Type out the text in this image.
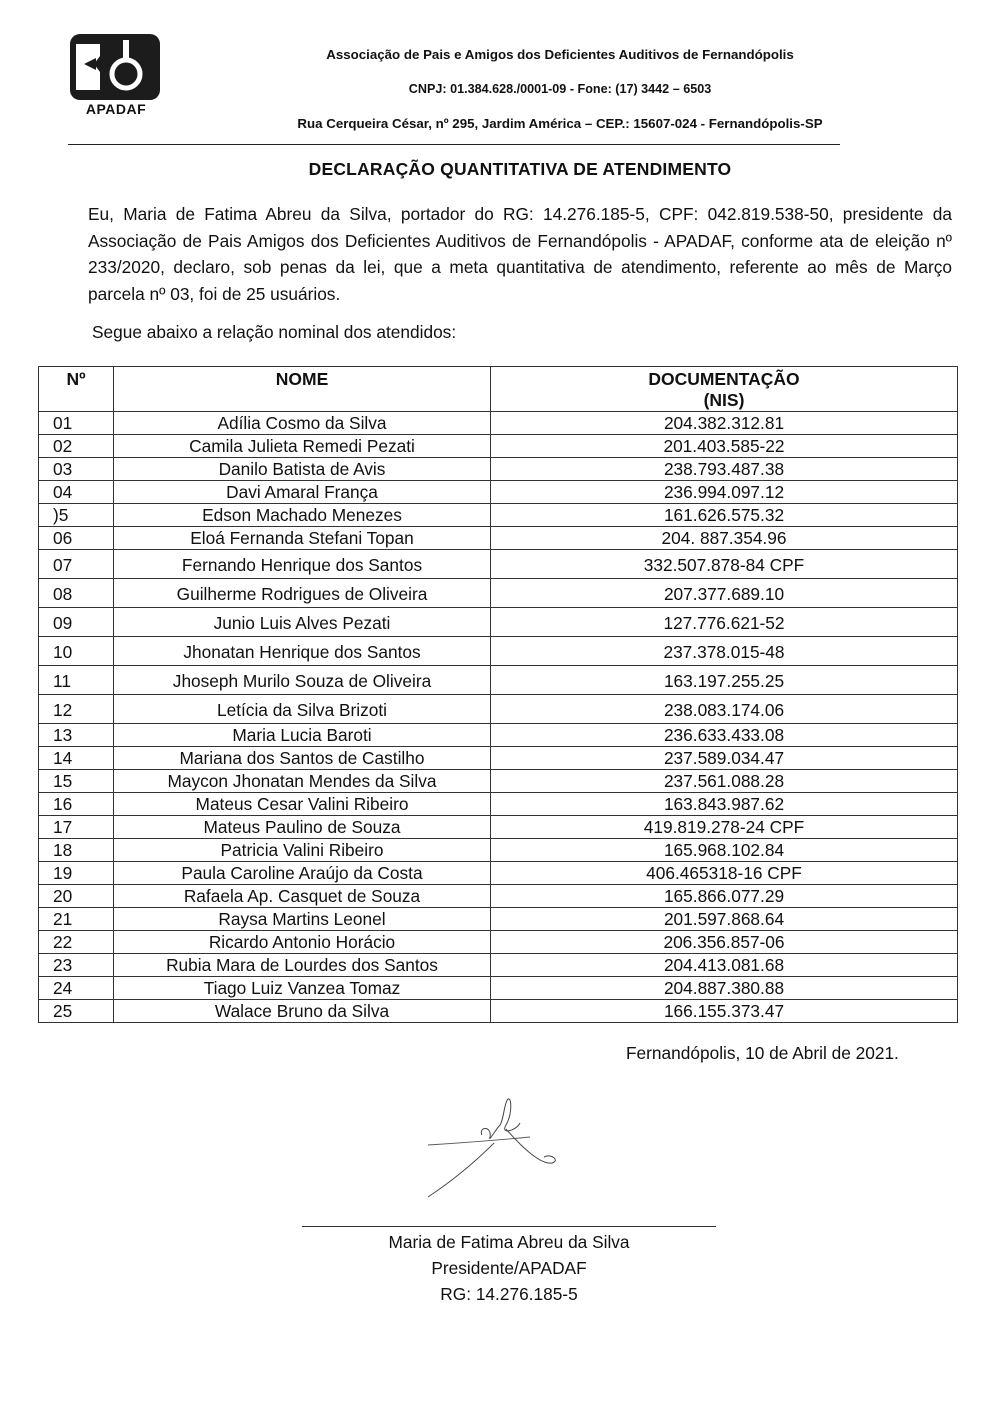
APADAF
Associação de Pais e Amigos dos Deficientes Auditivos de Fernandópolis
CNPJ: 01.384.628./0001-09 - Fone: (17) 3442 – 6503
Rua Cerqueira César, nº 295, Jardim América – CEP.: 15607-024 - Fernandópolis-SP
DECLARAÇÃO QUANTITATIVA DE ATENDIMENTO
Eu, Maria de Fatima Abreu da Silva, portador do RG: 14.276.185-5, CPF: 042.819.538-50, presidente da Associação de Pais Amigos dos Deficientes Auditivos de Fernandópolis - APADAF, conforme ata de eleição nº 233/2020, declaro, sob penas da lei, que a meta quantitativa de atendimento, referente ao mês de Março parcela nº 03, foi de 25 usuários.
Segue abaixo a relação nominal dos atendidos:
Nº	NOME	DOCUMENTAÇÃO
(NIS)

01	Adília Cosmo da Silva	204.382.312.81
02	Camila Julieta Remedi Pezati	201.403.585-22
03	Danilo Batista de Avis	238.793.487.38
04	Davi Amaral França	236.994.097.12
)5	Edson Machado Menezes	161.626.575.32
06	Eloá Fernanda Stefani Topan	204. 887.354.96
07	Fernando Henrique dos Santos	332.507.878-84 CPF
08	Guilherme Rodrigues de Oliveira	207.377.689.10
09	Junio Luis Alves Pezati	127.776.621-52
10	Jhonatan Henrique dos Santos	237.378.015-48
11	Jhoseph Murilo Souza de Oliveira	163.197.255.25
12	Letícia da Silva Brizoti	238.083.174.06
13	Maria Lucia Baroti	236.633.433.08
14	Mariana dos Santos de Castilho	237.589.034.47
15	Maycon Jhonatan Mendes da Silva	237.561.088.28
16	Mateus Cesar Valini Ribeiro	163.843.987.62
17	Mateus Paulino de Souza	419.819.278-24 CPF
18	Patricia Valini Ribeiro	165.968.102.84
19	Paula Caroline Araújo da Costa	406.465318-16 CPF
20	Rafaela Ap. Casquet de Souza	165.866.077.29
21	Raysa Martins Leonel	201.597.868.64
22	Ricardo Antonio Horácio	206.356.857-06
23	Rubia Mara de Lourdes dos Santos	204.413.081.68
24	Tiago Luiz Vanzea Tomaz	204.887.380.88
25	Walace Bruno da Silva	166.155.373.47
Fernandópolis, 10 de Abril de 2021.
Maria de Fatima Abreu da Silva
Presidente/APADAF
RG: 14.276.185-5
